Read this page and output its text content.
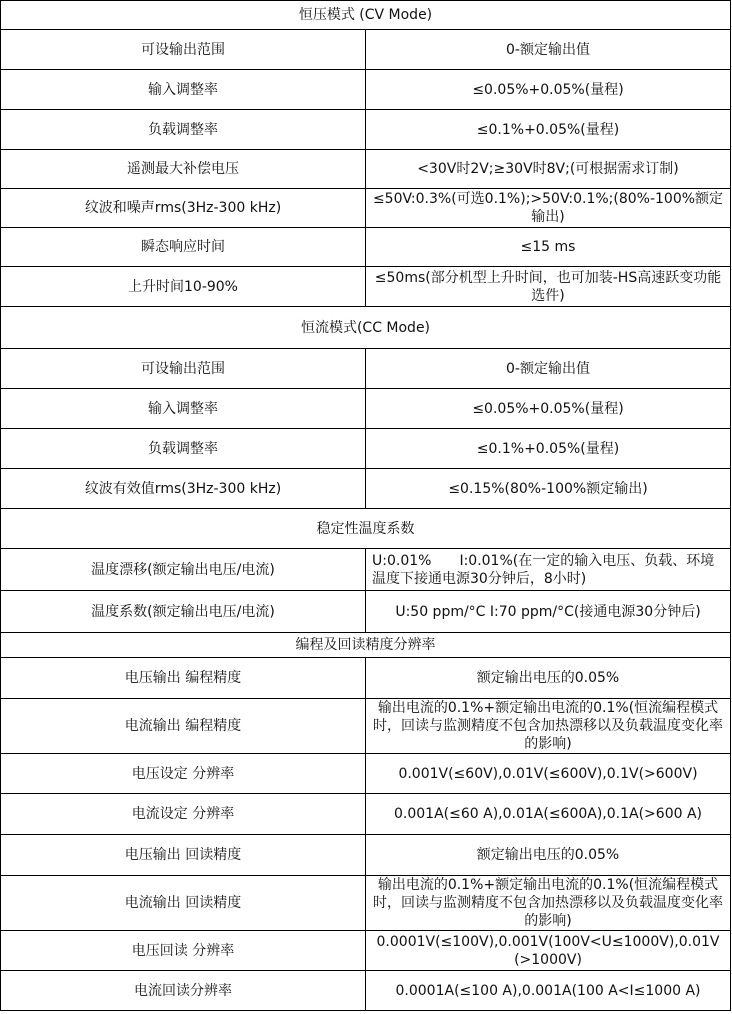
恒压模式 (CV Mode)	
可设输出范围	0-额定输出值
输入调整率	≤0.05%+0.05%(量程)
负载调整率	≤0.1%+0.05%(量程)
遥测最大补偿电压	<30V时2V;≥30V时8V;(可根据需求订制)
纹波和噪声rms(3Hz-300 kHz)	≤50V:0.3%(可选0.1%);>50V:0.1%;(80%-100%额定输出)
瞬态响应时间	≤15 ms
上升时间10-90%	≤50ms(部分机型上升时间，也可加装-HS高速跃变功能选件)
恒流模式(CC Mode)	
可设输出范围	0-额定输出值
输入调整率	≤0.05%+0.05%(量程)
负载调整率	≤0.1%+0.05%(量程)
纹波有效值rms(3Hz-300 kHz)	≤0.15%(80%-100%额定输出)
稳定性温度系数	
温度漂移(额定输出电压/电流)	U:0.01%　　I:0.01%(在一定的输入电压、负载、环境温度下接通电源30分钟后，8小时)
温度系数(额定输出电压/电流)	U:50 ppm/°C I:70 ppm/°C(接通电源30分钟后)
编程及回读精度分辨率	
电压输出 编程精度	额定输出电压的0.05%
电流输出 编程精度	输出电流的0.1%+额定输出电流的0.1%(恒流编程模式时，回读与监测精度不包含加热漂移以及负载温度变化率的影响)
电压设定 分辨率	0.001V(≤60V),0.01V(≤600V),0.1V(>600V)
电流设定 分辨率	0.001A(≤60 A),0.01A(≤600A),0.1A(>600 A)
电压输出 回读精度	额定输出电压的0.05%
电流输出 回读精度	输出电流的0.1%+额定输出电流的0.1%(恒流编程模式时，回读与监测精度不包含加热漂移以及负载温度变化率的影响)
电压回读 分辨率	0.0001V(≤100V),0.001V(100V<U≤1000V),0.01V(>1000V)
电流回读分辨率	0.0001A(≤100 A),0.001A(100 A<I≤1000 A)
